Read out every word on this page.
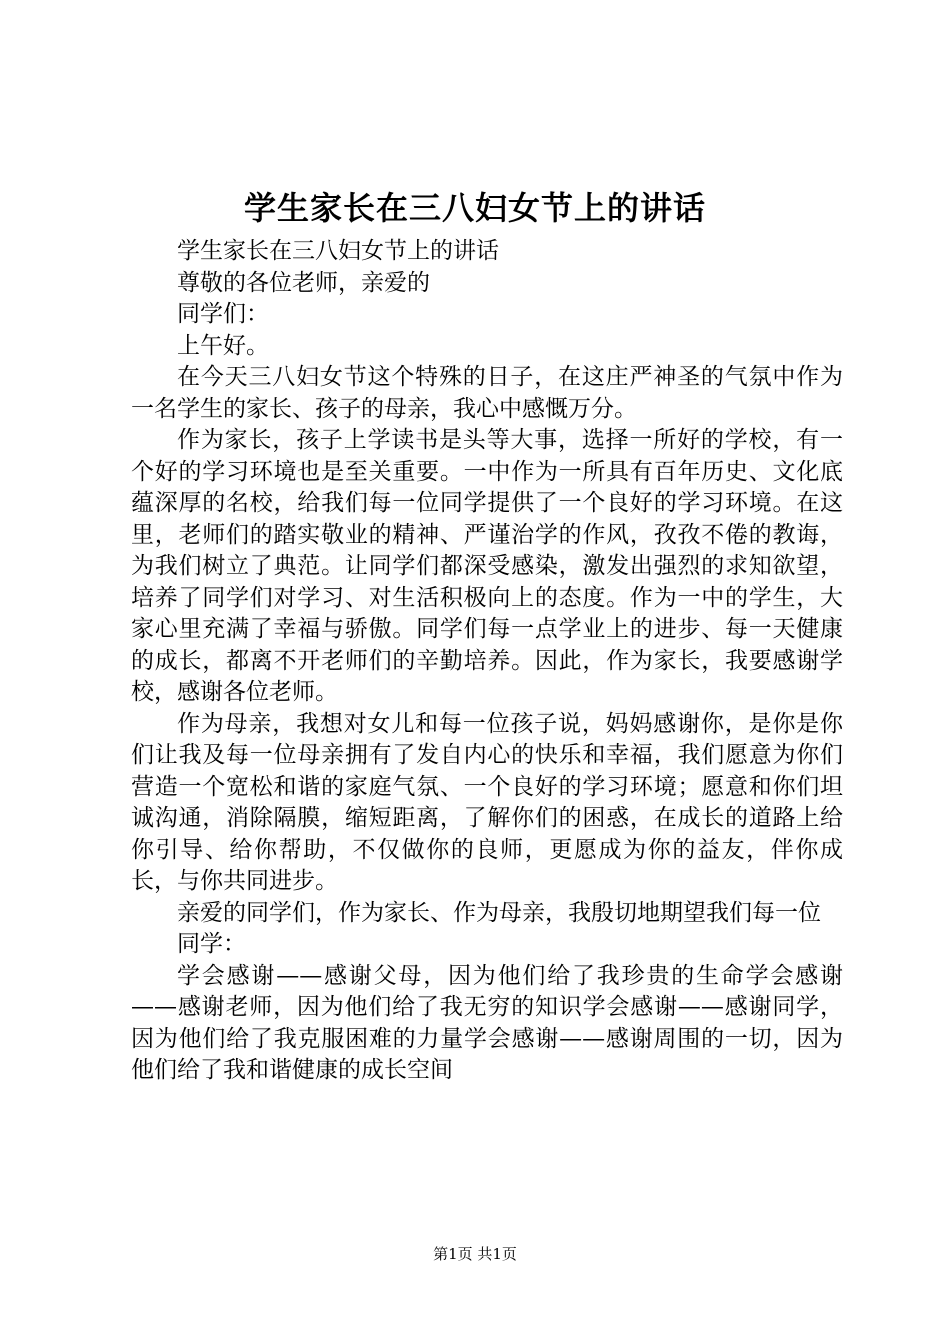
学生家长在三八妇女节上的讲话

学生家长在三八妇女节上的讲话

尊敬的各位老师，亲爱的

同学们：

上午好。

在今天三八妇女节这个特殊的日子，在这庄严神圣的气氛中作为一名学生的家长、孩子的母亲，我心中感慨万分。

作为家长，孩子上学读书是头等大事，选择一所好的学校，有一个好的学习环境也是至关重要。一中作为一所具有百年历史、文化底蕴深厚的名校，给我们每一位同学提供了一个良好的学习环境。在这里，老师们的踏实敬业的精神、严谨治学的作风，孜孜不倦的教诲，为我们树立了典范。让同学们都深受感染，激发出强烈的求知欲望，培养了同学们对学习、对生活积极向上的态度。作为一中的学生，大家心里充满了幸福与骄傲。同学们每一点学业上的进步、每一天健康的成长，都离不开老师们的辛勤培养。因此，作为家长，我要感谢学校，感谢各位老师。

作为母亲，我想对女儿和每一位孩子说，妈妈感谢你，是你是你们让我及每一位母亲拥有了发自内心的快乐和幸福，我们愿意为你们营造一个宽松和谐的家庭气氛、一个良好的学习环境；愿意和你们坦诚沟通，消除隔膜，缩短距离，了解你们的困惑，在成长的道路上给你引导、给你帮助，不仅做你的良师，更愿成为你的益友，伴你成长，与你共同进步。

亲爱的同学们，作为家长、作为母亲，我殷切地期望我们每一位

同学：

学会感谢——感谢父母，因为他们给了我珍贵的生命学会感谢——感谢老师，因为他们给了我无穷的知识学会感谢——感谢同学，因为他们给了我克服困难的力量学会感谢——感谢周围的一切，因为他们给了我和谐健康的成长空间

第1页 共1页
